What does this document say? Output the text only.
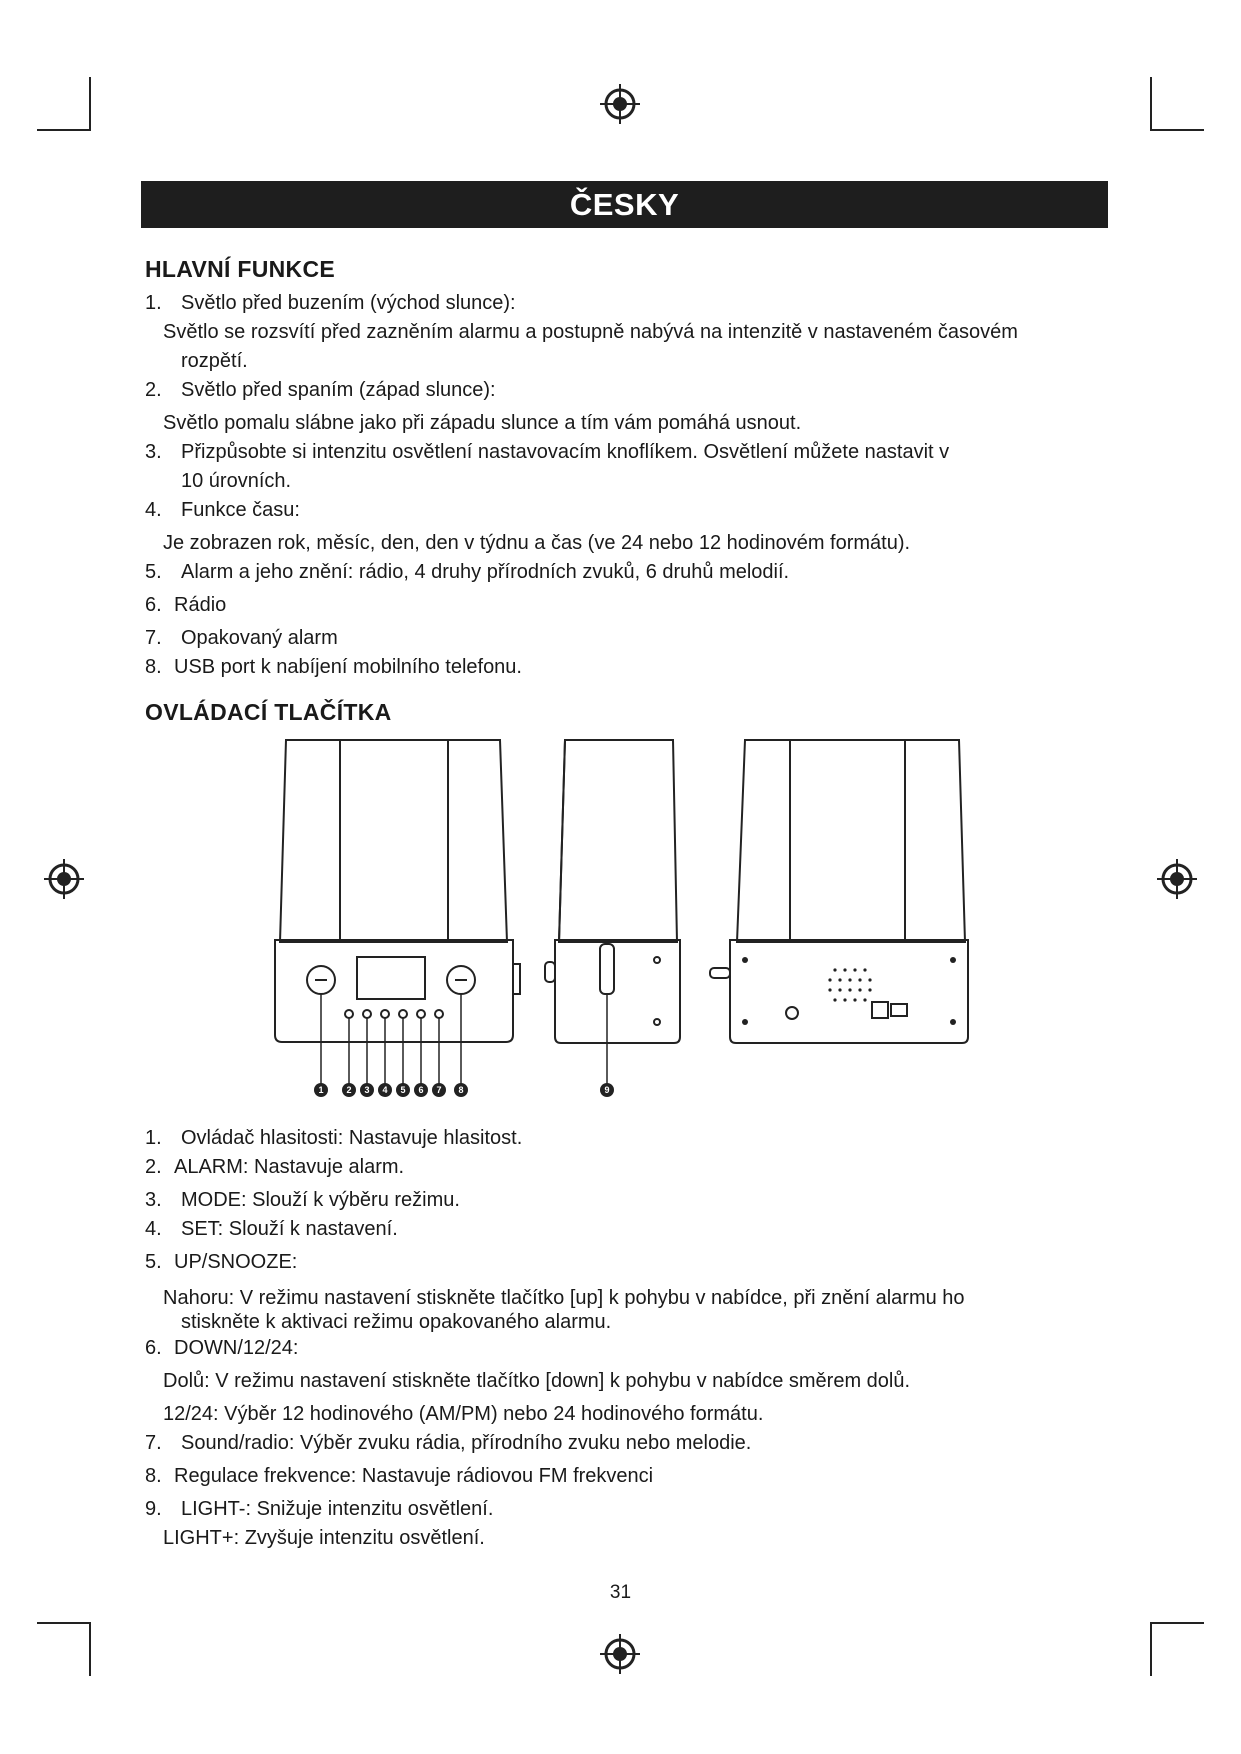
ČESKY
HLAVNÍ FUNKCE
1. Světlo před buzením (východ slunce):
Světlo se rozsvítí před zazněním alarmu a postupně nabývá na intenzitě v nastaveném časovém
rozpětí.
2. Světlo před spaním (západ slunce):
Světlo pomalu slábne jako při západu slunce a tím vám pomáhá usnout.
3. Přizpůsobte si intenzitu osvětlení nastavovacím knoflíkem. Osvětlení můžete nastavit v
10 úrovních.
4. Funkce času:
Je zobrazen rok, měsíc, den, den v týdnu a čas (ve 24 nebo 12 hodinovém formátu).
5. Alarm a jeho znění: rádio, 4 druhy přírodních zvuků, 6 druhů melodií.
6. Rádio
7. Opakovaný alarm
8. USB port k nabíjení mobilního telefonu.
OVLÁDACÍ TLAČÍTKA
1	2 3 4 5 6 7 8	9
1. Ovládač hlasitosti: Nastavuje hlasitost.
2. ALARM: Nastavuje alarm.
3. MODE: Slouží k výběru režimu.
4. SET: Slouží k nastavení.
5. UP/SNOOZE:
Nahoru: V režimu nastavení stiskněte tlačítko [up] k pohybu v nabídce, při znění alarmu ho
stiskněte k aktivaci režimu opakovaného alarmu.
6. DOWN/12/24:
Dolů: V režimu nastavení stiskněte tlačítko [down] k pohybu v nabídce směrem dolů.
12/24: Výběr 12 hodinového (AM/PM) nebo 24 hodinového formátu.
7. Sound/radio: Výběr zvuku rádia, přírodního zvuku nebo melodie.
8. Regulace frekvence: Nastavuje rádiovou FM frekvenci
9. LIGHT-: Snižuje intenzitu osvětlení.
LIGHT+: Zvyšuje intenzitu osvětlení.
31
